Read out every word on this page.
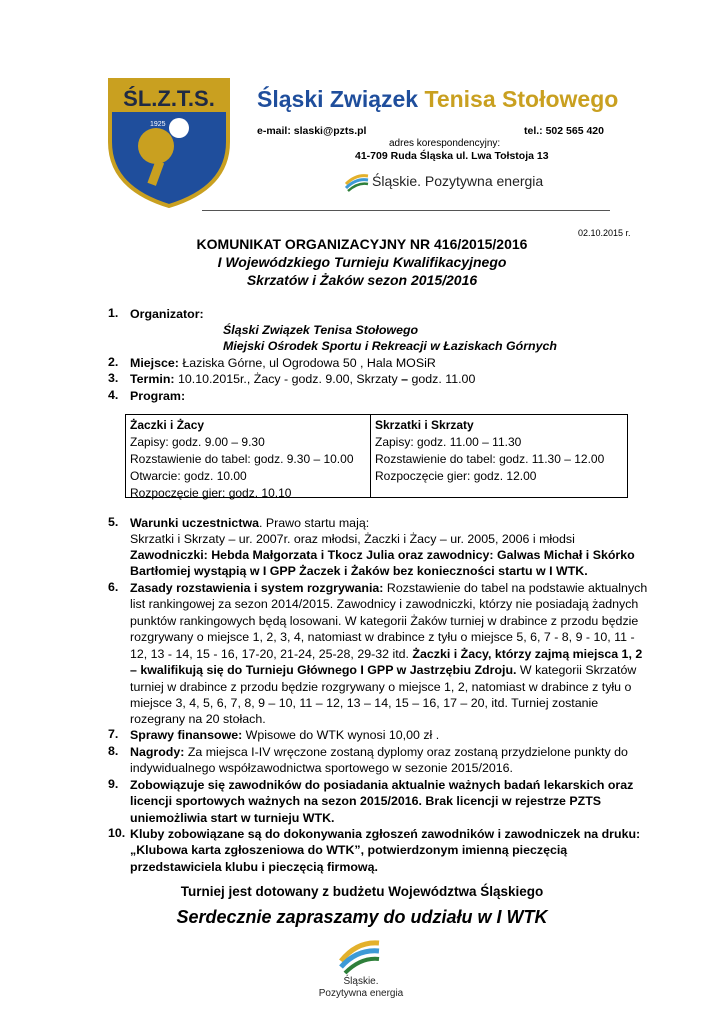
ŚL.Z.T.S.
1925
Śląski Związek Tenisa Stołowego
e-mail: slaski@pzts.pl	tel.: 502 565 420
adres korespondencyjny:
41-709 Ruda Śląska ul. Lwa Tołstoja 13
Śląskie. Pozytywna energia
02.10.2015 r.
KOMUNIKAT ORGANIZACYJNY NR 416/2015/2016
I Wojewódzkiego Turnieju Kwalifikacyjnego
Skrzatów i Żaków sezon 2015/2016
1. Organizator:
Śląski Związek Tenisa Stołowego
Miejski Ośrodek Sportu i Rekreacji w Łaziskach Górnych
2. Miejsce: Łaziska Górne, ul Ogrodowa 50 , Hala MOSiR
3. Termin: 10.10.2015r., Żacy - godz. 9.00, Skrzaty – godz. 11.00
4. Program:
Żaczki i Żacy
Zapisy: godz. 9.00 – 9.30
Rozstawienie do tabel: godz. 9.30 – 10.00
Otwarcie: godz. 10.00
Rozpoczęcie gier: godz. 10.10
Skrzatki i Skrzaty
Zapisy: godz. 11.00 – 11.30
Rozstawienie do tabel: godz. 11.30 – 12.00
Rozpoczęcie gier: godz. 12.00
5. Warunki uczestnictwa. Prawo startu mają:
Skrzatki i Skrzaty – ur. 2007r. oraz młodsi, Żaczki i Żacy – ur. 2005, 2006 i młodsi
Zawodniczki: Hebda Małgorzata i Tkocz Julia oraz zawodnicy: Galwas Michał i Skórko
Bartłomiej wystąpią w I GPP Żaczek i Żaków bez konieczności startu w I WTK.
6. Zasady rozstawienia i system rozgrywania: Rozstawienie do tabel na podstawie aktualnych
list rankingowej za sezon 2014/2015. Zawodnicy i zawodniczki, którzy nie posiadają żadnych
punktów rankingowych będą losowani. W kategorii Żaków turniej w drabince z przodu będzie
rozgrywany o miejsce 1, 2, 3, 4, natomiast w drabince z tyłu o miejsce 5, 6, 7 - 8, 9 - 10, 11 -
12, 13 - 14, 15 - 16, 17-20, 21-24, 25-28, 29-32 itd. Żaczki i Żacy, którzy zajmą miejsca 1, 2
– kwalifikują się do Turnieju Głównego I GPP w Jastrzębiu Zdroju. W kategorii Skrzatów
turniej w drabince z przodu będzie rozgrywany o miejsce 1, 2, natomiast w drabince z tyłu o
miejsce 3, 4, 5, 6, 7, 8, 9 – 10, 11 – 12, 13 – 14, 15 – 16, 17 – 20, itd. Turniej zostanie
rozegrany na 20 stołach.
7. Sprawy finansowe: Wpisowe do WTK wynosi 10,00 zł .
8. Nagrody: Za miejsca I-IV wręczone zostaną dyplomy oraz zostaną przydzielone punkty do
indywidualnego współzawodnictwa sportowego w sezonie 2015/2016.
9. Zobowiązuje się zawodników do posiadania aktualnie ważnych badań lekarskich oraz
licencji sportowych ważnych na sezon 2015/2016. Brak licencji w rejestrze PZTS
uniemożliwia start w turnieju WTK.
10. Kluby zobowiązane są do dokonywania zgłoszeń zawodników i zawodniczek na druku:
„Klubowa karta zgłoszeniowa do WTK”, potwierdzonym imienną pieczęcią
przedstawiciela klubu i pieczęcią firmową.
Turniej jest dotowany z budżetu Województwa Śląskiego
Serdecznie zapraszamy do udziału w I WTK
Śląskie.
Pozytywna energia
